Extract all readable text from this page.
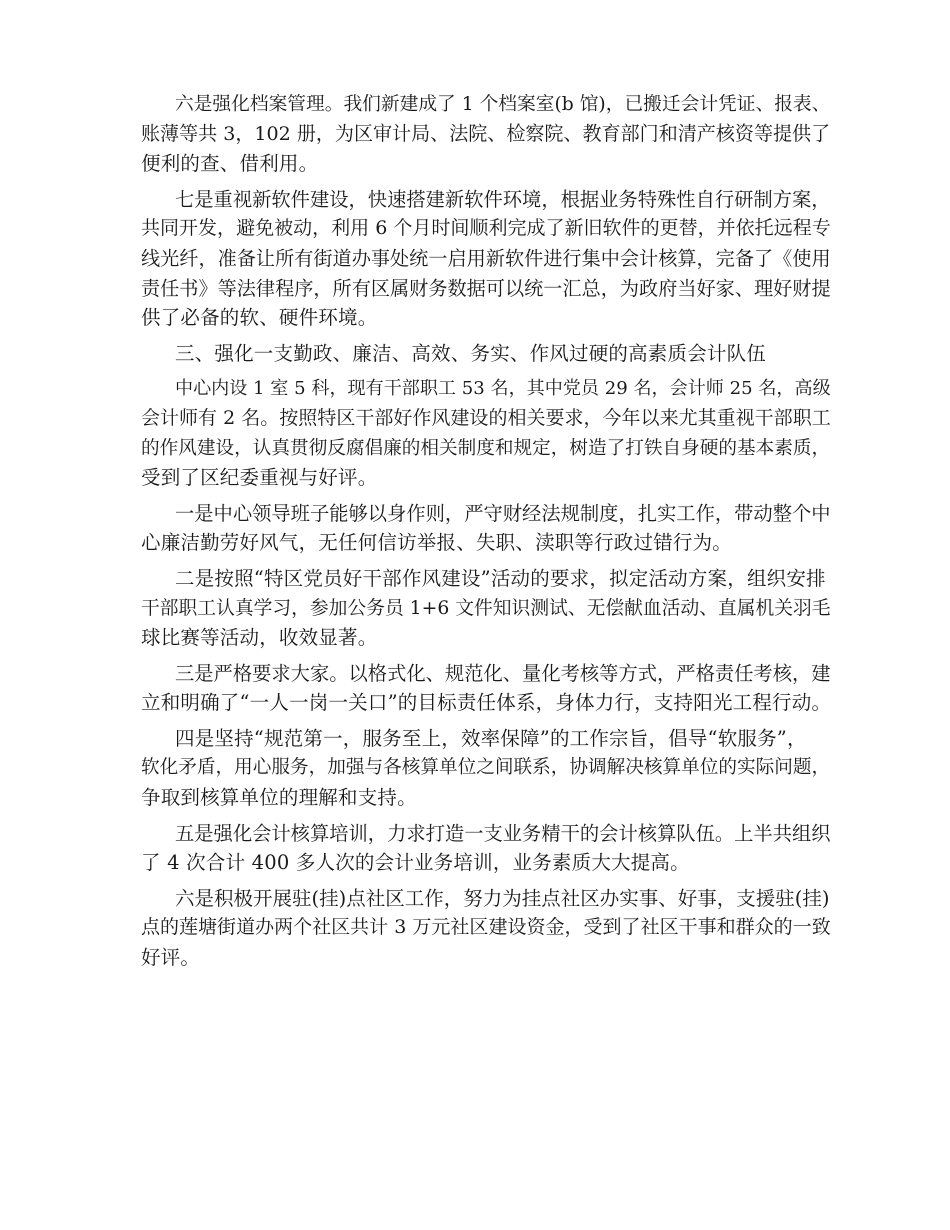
六是强化档案管理。我们新建成了 1 个档案室(b 馆)，已搬迁会计凭证、报表、
账薄等共 3，102 册，为区审计局、法院、检察院、教育部门和清产核资等提供了
便利的查、借利用。

七是重视新软件建设，快速搭建新软件环境，根据业务特殊性自行研制方案，
共同开发，避免被动，利用 6 个月时间顺利完成了新旧软件的更替，并依托远程专
线光纤，准备让所有街道办事处统一启用新软件进行集中会计核算，完备了《使用
责任书》等法律程序，所有区属财务数据可以统一汇总，为政府当好家、理好财提
供了必备的软、硬件环境。

三、强化一支勤政、廉洁、高效、务实、作风过硬的高素质会计队伍

中心内设 1 室 5 科，现有干部职工 53 名，其中党员 29 名，会计师 25 名，高级
会计师有 2 名。按照特区干部好作风建设的相关要求，今年以来尤其重视干部职工
的作风建设，认真贯彻反腐倡廉的相关制度和规定，树造了打铁自身硬的基本素质，
受到了区纪委重视与好评。

一是中心领导班子能够以身作则，严守财经法规制度，扎实工作，带动整个中
心廉洁勤劳好风气，无任何信访举报、失职、渎职等行政过错行为。

二是按照“特区党员好干部作风建设”活动的要求，拟定活动方案，组织安排
干部职工认真学习，参加公务员 1+6 文件知识测试、无偿献血活动、直属机关羽毛
球比赛等活动，收效显著。

三是严格要求大家。以格式化、规范化、量化考核等方式，严格责任考核，建
立和明确了“一人一岗一关口”的目标责任体系，身体力行，支持阳光工程行动。

四是坚持“规范第一，服务至上，效率保障”的工作宗旨，倡导“软服务”，
软化矛盾，用心服务，加强与各核算单位之间联系，协调解决核算单位的实际问题，
争取到核算单位的理解和支持。

五是强化会计核算培训，力求打造一支业务精干的会计核算队伍。上半共组织
了 4 次合计 400 多人次的会计业务培训，业务素质大大提高。

六是积极开展驻(挂)点社区工作，努力为挂点社区办实事、好事，支援驻(挂)
点的莲塘街道办两个社区共计 3 万元社区建设资金，受到了社区干事和群众的一致
好评。
